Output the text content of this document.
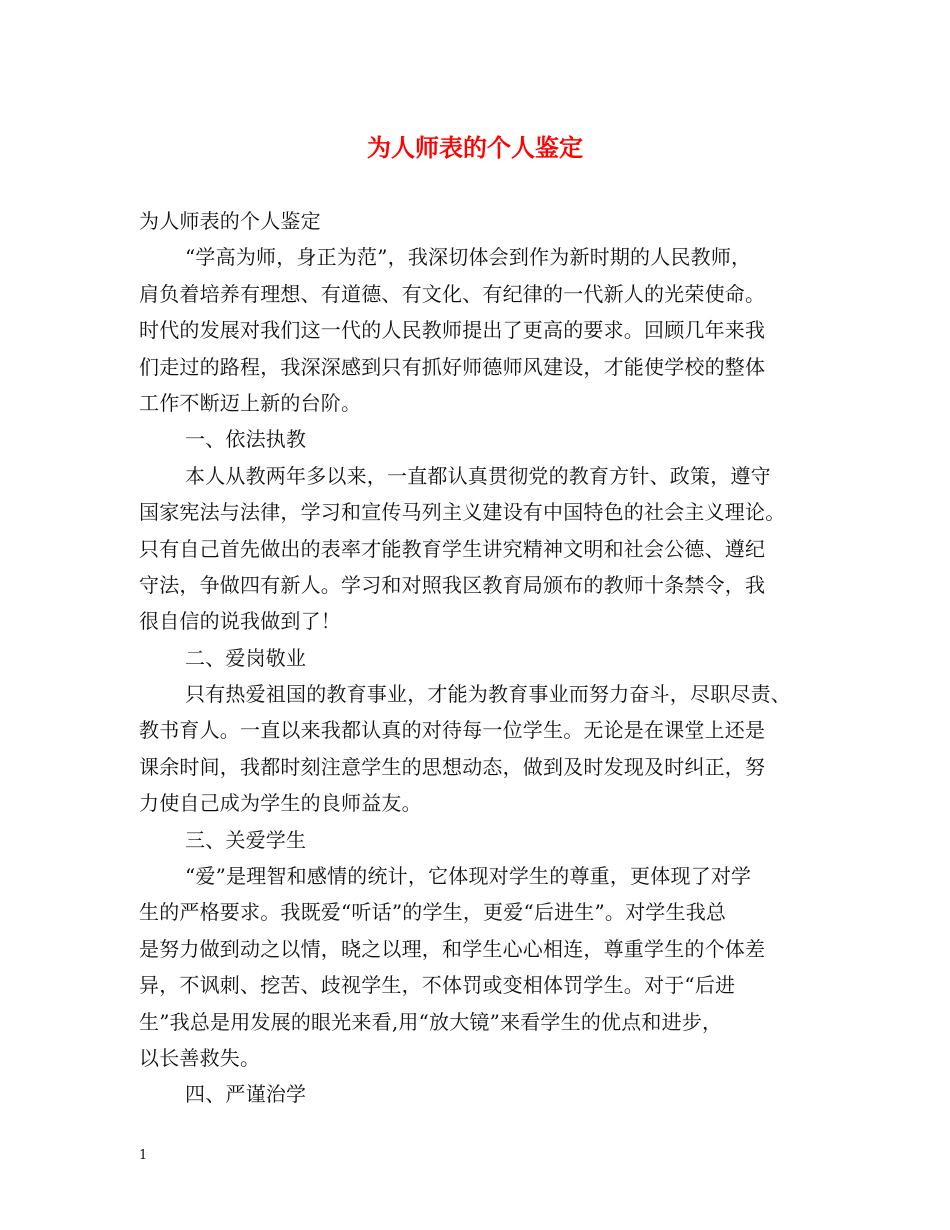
为人师表的个人鉴定
为人师表的个人鉴定
“学高为师，身正为范”，我深切体会到作为新时期的人民教师，
肩负着培养有理想、有道德、有文化、有纪律的一代新人的光荣使命。
时代的发展对我们这一代的人民教师提出了更高的要求。回顾几年来我
们走过的路程，我深深感到只有抓好师德师风建设，才能使学校的整体
工作不断迈上新的台阶。
一、依法执教
本人从教两年多以来，一直都认真贯彻党的教育方针、政策，遵守
国家宪法与法律，学习和宣传马列主义建设有中国特色的社会主义理论。
只有自己首先做出的表率才能教育学生讲究精神文明和社会公德、遵纪
守法，争做四有新人。学习和对照我区教育局颁布的教师十条禁令，我
很自信的说我做到了！
二、爱岗敬业
只有热爱祖国的教育事业，才能为教育事业而努力奋斗，尽职尽责、
教书育人。一直以来我都认真的对待每一位学生。无论是在课堂上还是
课余时间，我都时刻注意学生的思想动态，做到及时发现及时纠正，努
力使自己成为学生的良师益友。
三、关爱学生
“爱”是理智和感情的统计，它体现对学生的尊重，更体现了对学
生的严格要求。我既爱“听话”的学生，更爱“后进生”。对学生我总
是努力做到动之以情，晓之以理，和学生心心相连，尊重学生的个体差
异，不讽刺、挖苦、歧视学生，不体罚或变相体罚学生。对于“后进
生”我总是用发展的眼光来看,用“放大镜”来看学生的优点和进步，
以长善救失。
四、严谨治学
1
